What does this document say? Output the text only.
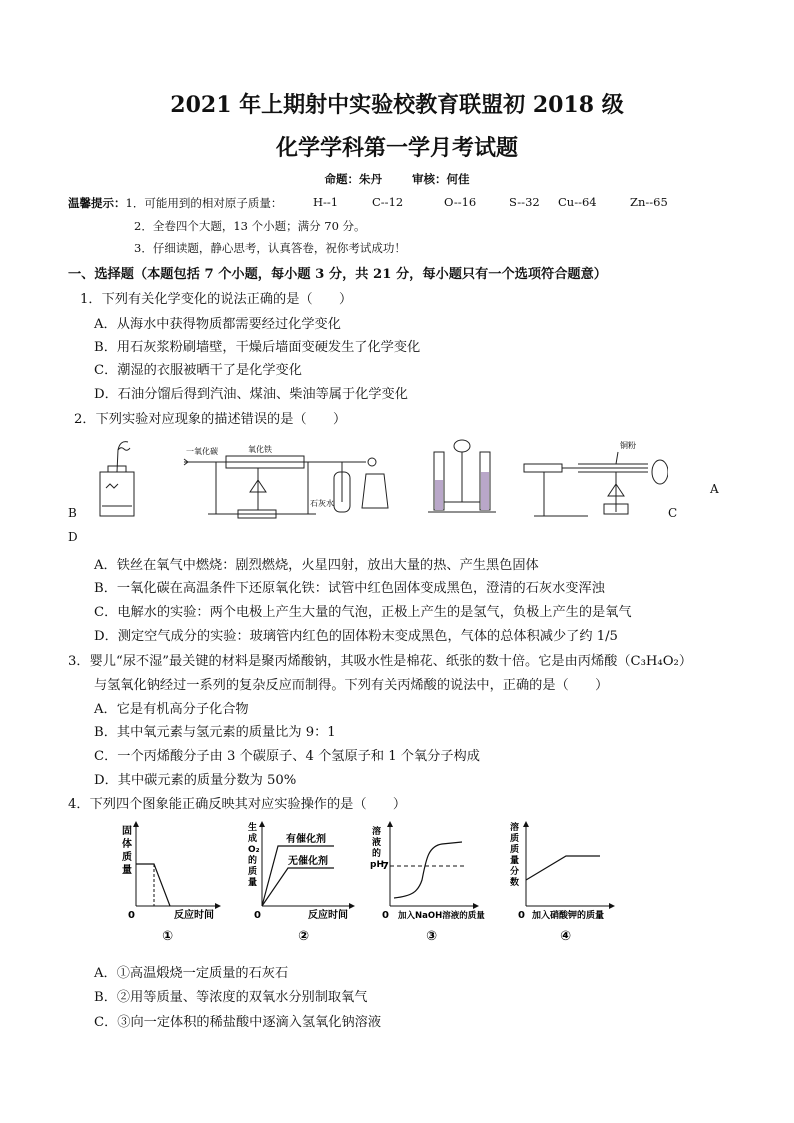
2021 年上期射中实验校教育联盟初 2018 级
化学学科第一学月考试题
命题：朱丹	审核：何佳
温馨提示：1．可能用到的相对原子质量：	H--1	C--12	O--16	S--32 Cu--64	Zn--65
2．全卷四个大题，13 个小题；满分 70 分。
3．仔细读题，静心思考，认真答卷，祝你考试成功！
一、选择题（本题包括 7 个小题，每小题 3 分，共 21 分，每小题只有一个选项符合题意）
1．下列有关化学变化的说法正确的是（　　）
A．从海水中获得物质都需要经过化学变化
B．用石灰浆粉刷墙壁，干燥后墙面变硬发生了化学变化
C．潮湿的衣服被晒干了是化学变化
D．石油分馏后得到汽油、煤油、柴油等属于化学变化
2．下列实验对应现象的描述错误的是（　　）
一氧化碳	氧化铁
石灰水
铜粉
A
B	C
D
A．铁丝在氧气中燃烧：剧烈燃烧，火星四射，放出大量的热、产生黑色固体
B．一氧化碳在高温条件下还原氧化铁：试管中红色固体变成黑色，澄清的石灰水变浑浊
C．电解水的实验：两个电极上产生大量的气泡，正极上产生的是氢气，负极上产生的是氧气
D．测定空气成分的实验：玻璃管内红色的固体粉末变成黑色，气体的总体积减少了约 1/5
3．婴儿“尿不湿”最关键的材料是聚丙烯酸钠，其吸水性是棉花、纸张的数十倍。它是由丙烯酸（C₃H₄O₂）
与氢氧化钠经过一系列的复杂反应而制得。下列有关丙烯酸的说法中，正确的是（　　）
A．它是有机高分子化合物
B．其中氧元素与氢元素的质量比为 9：1
C．一个丙烯酸分子由 3 个碳原子、4 个氢原子和 1 个氧分子构成
D．其中碳元素的质量分数为 50%
4．下列四个图象能正确反映其对应实验操作的是（　　）
固
体
质
量
0	反应时间
①
生
成
O₂
的
质
量
有催化剂
无催化剂
0	反应时间
②
溶
液
的
pH
7
0 加入NaOH溶液的质量
③
溶
质
质
量
分
数
0 加入硝酸钾的质量
④
A．①高温煅烧一定质量的石灰石
B．②用等质量、等浓度的双氧水分别制取氧气
C．③向一定体积的稀盐酸中逐滴入氢氧化钠溶液
